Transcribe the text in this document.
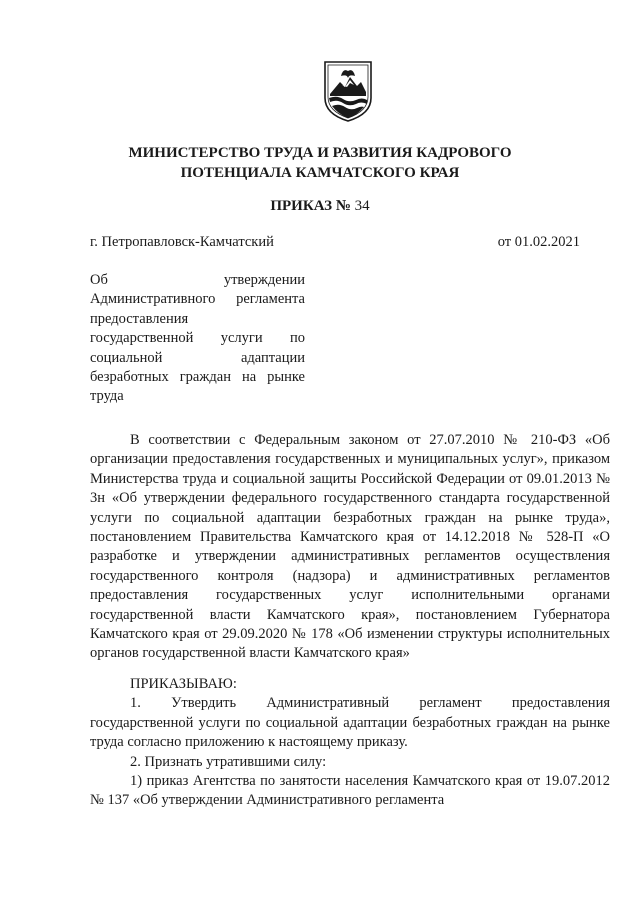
МИНИСТЕРСТВО ТРУДА И РАЗВИТИЯ КАДРОВОГО
ПОТЕНЦИАЛА КАМЧАТСКОГО КРАЯ
ПРИКАЗ № 34
г. Петропавловск-Камчатский	от 01.02.2021
Об утверждении
Административного регламента
предоставления
государственной услуги по
социальной адаптации
безработных граждан на рынке
труда

В соответствии с Федеральным законом от 27.07.2010 № 210-ФЗ «Об организации предоставления государственных и муниципальных услуг», приказом Министерства труда и социальной защиты Российской Федерации от 09.01.2013 № 3н «Об утверждении федерального государственного стандарта государственной услуги по социальной адаптации безработных граждан на рынке труда», постановлением Правительства Камчатского края от 14.12.2018 № 528-П «О разработке и утверждении административных регламентов осуществления государственного контроля (надзора) и административных регламентов предоставления государственных услуг исполнительными органами государственной власти Камчатского края», постановлением Губернатора Камчатского края от 29.09.2020 № 178 «Об изменении структуры исполнительных органов государственной власти Камчатского края»

ПРИКАЗЫВАЮ:

1. Утвердить Административный регламент предоставления государственной услуги по социальной адаптации безработных граждан на рынке труда согласно приложению к настоящему приказу.

2. Признать утратившими силу:

1) приказ Агентства по занятости населения Камчатского края от 19.07.2012 № 137 «Об утверждении Административного регламента
